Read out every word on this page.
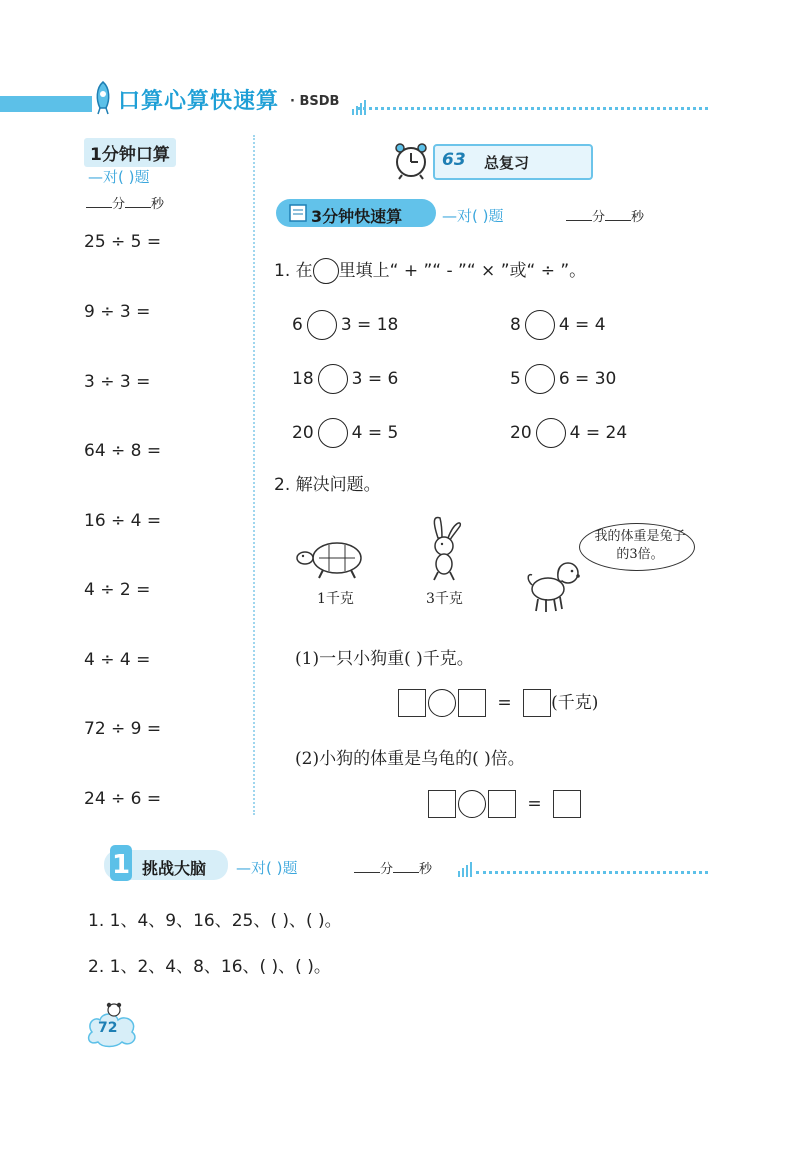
口算心算快速算 · BSDB
1分钟口算
—对( )题
分 秒
25 ÷ 5 =
9 ÷ 3 =
3 ÷ 3 =
64 ÷ 8 =
16 ÷ 4 =
4 ÷ 2 =
4 ÷ 4 =
72 ÷ 9 =
24 ÷ 6 =
63 总复习
3分钟快速算	—对( )题	分 秒
1. 在 里填上“ + ”“ - ”“ × ”或“ ÷ ”。
6 3 = 18	8 4 = 4
18 3 = 6	5 6 = 30
20 4 = 5	20 4 = 24
2. 解决问题。
1千克	3千克
我的体重是兔子的3倍。
(1)一只小狗重( )千克。
= (千克)
(2)小狗的体重是乌龟的( )倍。
=
1 挑战大脑 —对( )题	分 秒
1. 1、4、9、16、25、( )、( )。
2. 1、2、4、8、16、( )、( )。
72
